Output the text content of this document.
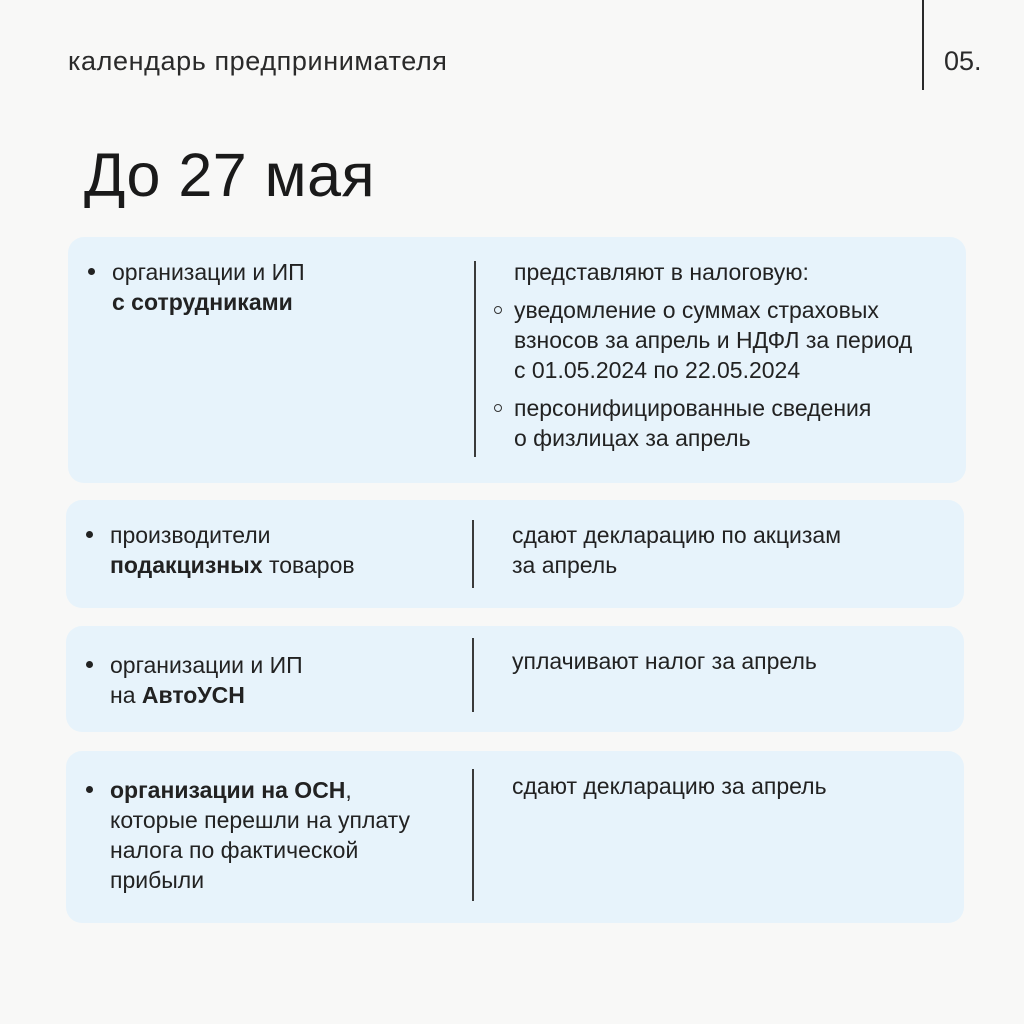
календарь предпринимателя	05.
До 27 мая
организации и ИП
с сотрудниками
представляют в налоговую:
уведомление о суммах страховых
взносов за апрель и НДФЛ за период
с 01.05.2024 по 22.05.2024
персонифицированные сведения
о физлицах за апрель
производители
подакцизных товаров
сдают декларацию по акцизам
за апрель
организации и ИП
на АвтоУСН
уплачивают налог за апрель
организации на ОСН,
которые перешли на уплату
налога по фактической
прибыли
сдают декларацию за апрель
